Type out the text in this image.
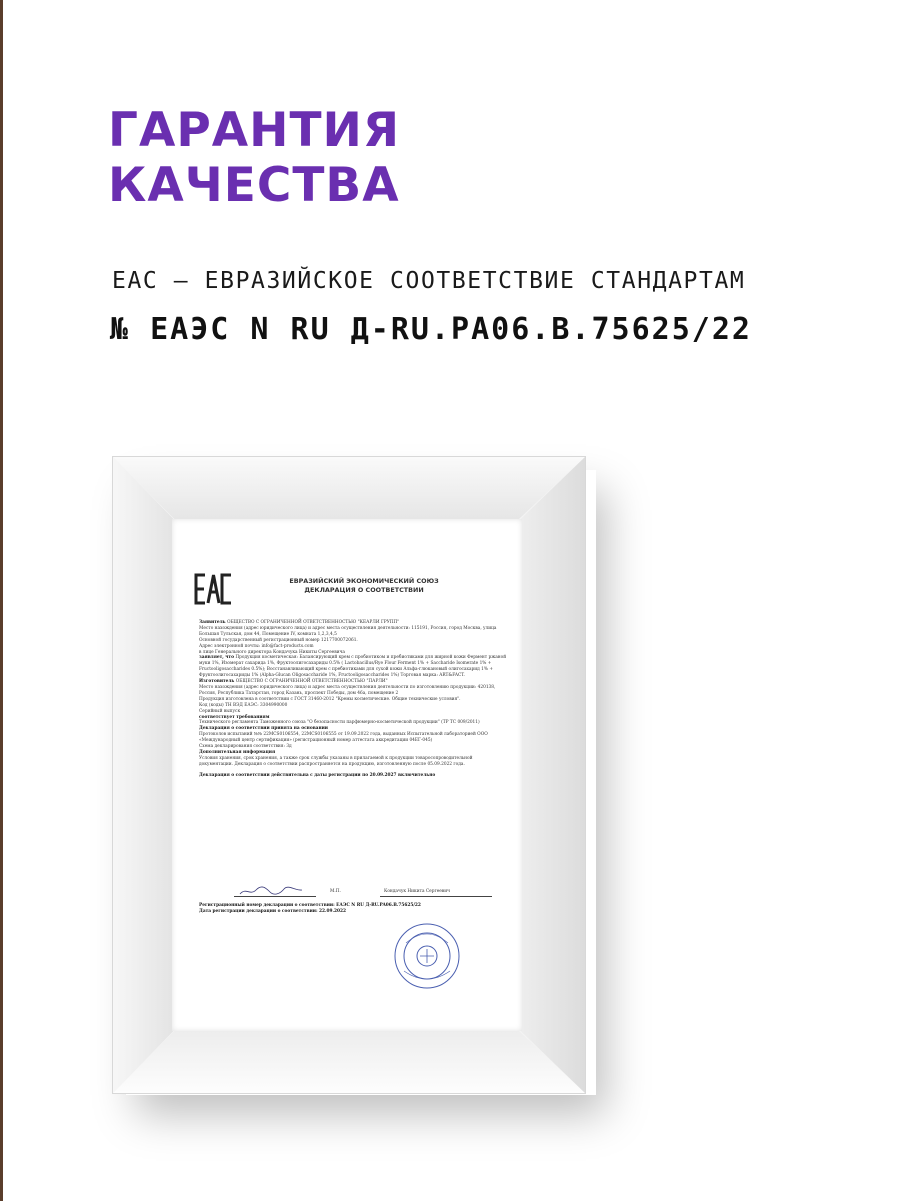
ГАРАНТИЯ
КАЧЕСТВА
EAC – ЕВРАЗИЙСКОЕ СООТВЕТСТВИЕ СТАНДАРТАМ
№ ЕАЭС N RU Д-RU.PA06.B.75625/22
ЕВРАЗИЙСКИЙ ЭКОНОМИЧЕСКИЙ СОЮЗ
ДЕКЛАРАЦИЯ О СООТВЕТСТВИИ

Заявитель ОБЩЕСТВО С ОГРАНИЧЕННОЙ ОТВЕТСТВЕННОСТЬЮ "КЕАРЛИ ГРУПП"

Место нахождения (адрес юридического лица) и адрес места осуществления деятельности: 115191, Россия, город Москва, улица Большая Тульская, дом 44, Помещение IV, комната 1,2,3,4,5

Основной государственный регистрационный номер 1217700072061.

Адрес электронной почты: info@fact-products.com

в лице Генерального директора Кондачука Никиты Сергеевича

заявляет, что Продукция косметическая: Балансирующий крем с пробиотиком и пребиотиками для жирной кожи Фермент ржаной муки 1%, Изомерат сахарида 1%, Фруктоолигосахариды 0.5% ( Lactobacillus/Rye Flour Ferment 1% + Saccharide Isomerate 1% + Fructooligosaccharides 0.5%); Восстанавливающий крем с пребиотиками для сухой кожи Альфа-глюкановый олигосахарид 1% + Фруктоолигосахариды 1% (Alpha-Glucan Oligosaccharide 1%, Fructooligosaccharides 1%) Торговая марка: ART&FACT.

Изготовитель ОБЩЕСТВО С ОГРАНИЧЕННОЙ ОТВЕТСТВЕННОСТЬЮ "ПАРЛИ"

Место нахождения (адрес юридического лица) и адрес места осуществления деятельности по изготовлению продукции: 420138, Россия, Республика Татарстан, город Казань, проспект Победы, дом 46а, помещение 2

Продукция изготовлена в соответствии с ГОСТ 31460-2012 "Кремы косметические. Общие технические условия".

Код (коды) ТН ВЭД ЕАЭС: 3304990000

Серийный выпуск

соответствует требованиям

Технического регламента Таможенного союза "О безопасности парфюмерно-косметической продукции" (ТР ТС 009/2011)

Декларация о соответствии принята на основании

Протоколов испытаний №№ 22MCS0106554, 22MCS0106555 от 19.09.2022 года, выданных Испытательной лабораторией ООО «Международный центр сертификации» (регистрационный номер аттестата аккредитации 04ЕГ-045)

Схема декларирования соответствия: 3д

Дополнительная информация

Условия хранения, срок хранения, а также срок службы указаны в прилагаемой к продукции товаросопроводительной документации. Декларация о соответствии распространяется на продукцию, изготовленную после 05.09.2022 года.

Декларация о соответствии действительна с даты регистрации по 20.09.2027 включительно

М.П.	Кондачук Никита Сергеевич

Регистрационный номер декларации о соответствии: ЕАЭС N RU Д-RU.PA06.B.75625/22

Дата регистрации декларации о соответствии: 22.09.2022
